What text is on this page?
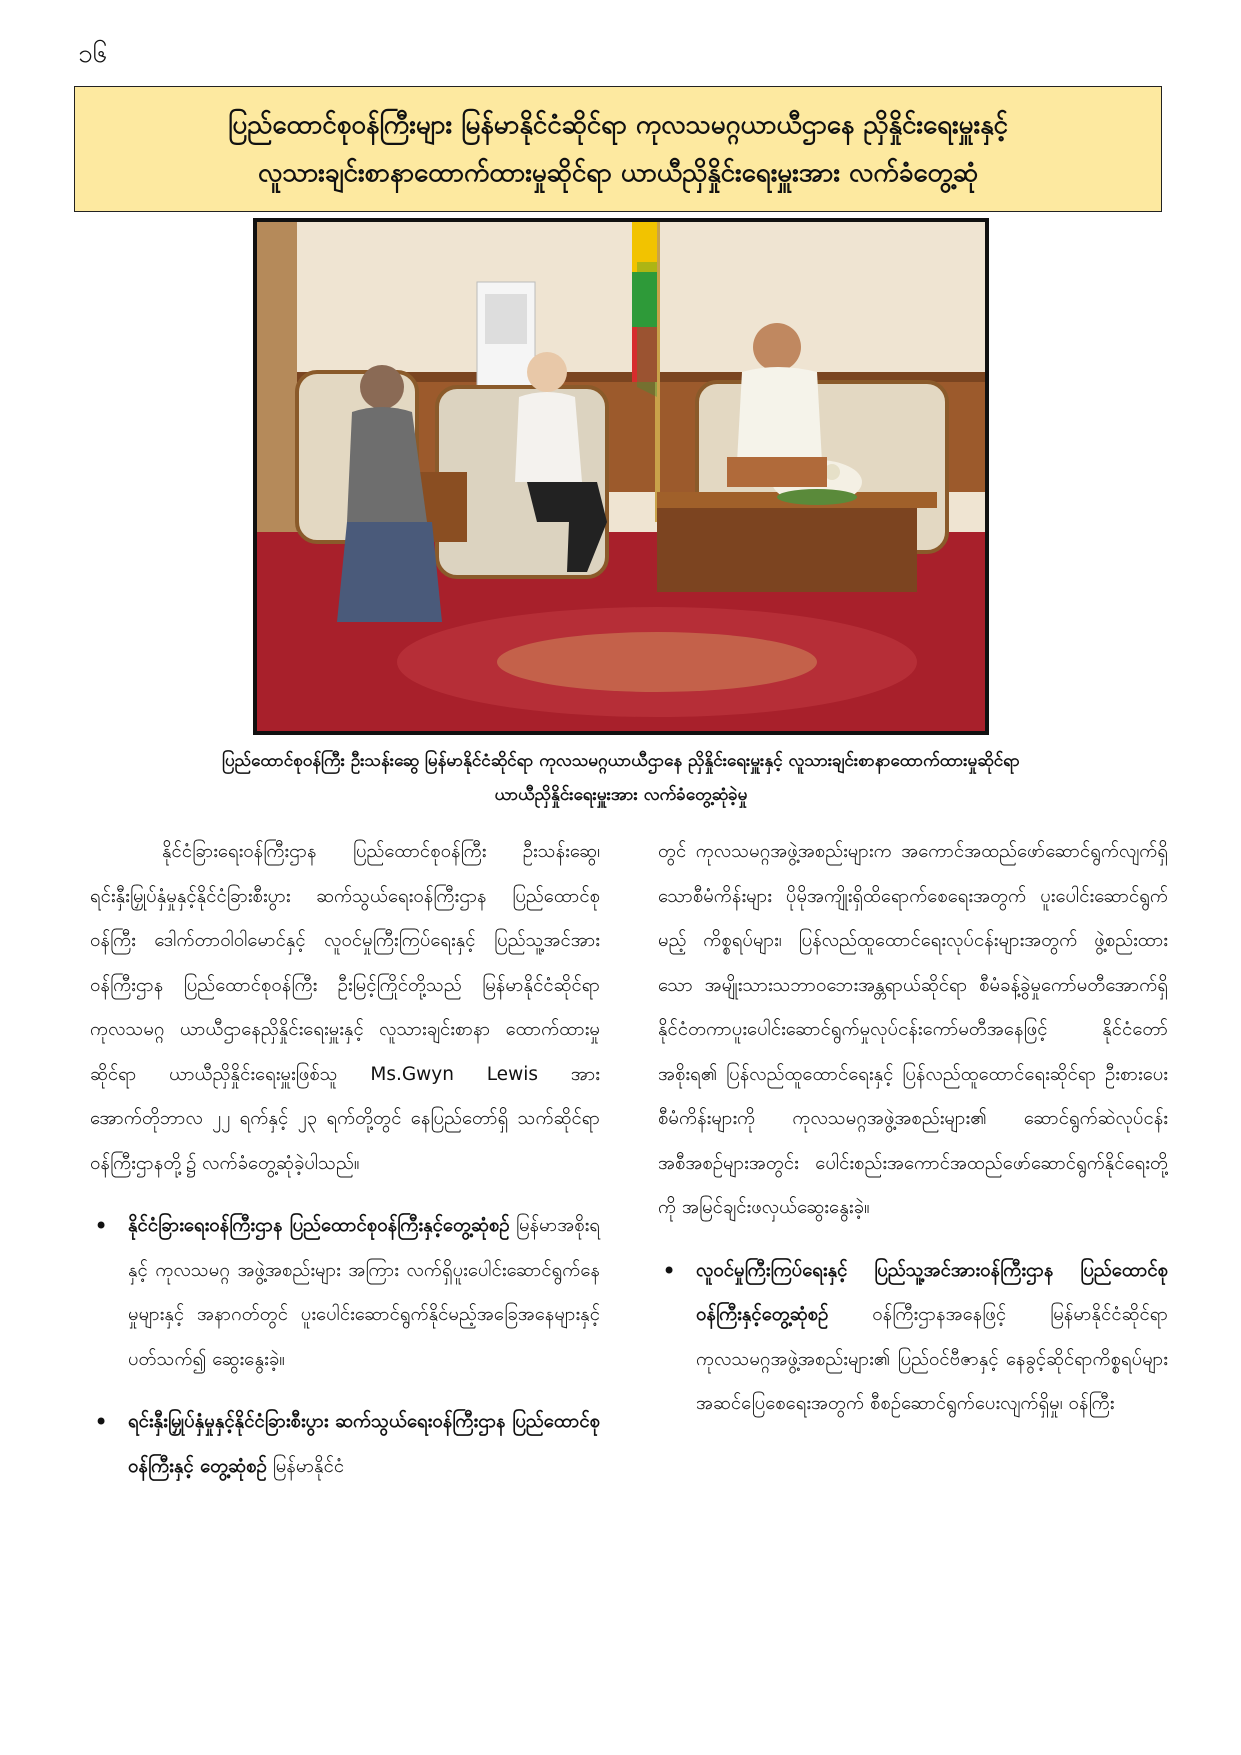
၁၆
ပြည်ထောင်စုဝန်ကြီးများ မြန်မာနိုင်ငံဆိုင်ရာ ကုလသမဂ္ဂယာယီဌာနေ ညှိနှိုင်းရေးမှူးနှင့်
လူသားချင်းစာနာထောက်ထားမှုဆိုင်ရာ ယာယီညှိနှိုင်းရေးမှူးအား လက်ခံတွေ့ဆုံ
ပြည်ထောင်စုဝန်ကြီး ဦးသန်းဆွေ မြန်မာနိုင်ငံဆိုင်ရာ ကုလသမဂ္ဂယာယီဌာနေ ညှိနှိုင်းရေးမှူးနှင့် လူသားချင်းစာနာထောက်ထားမှုဆိုင်ရာ
ယာယီညှိနှိုင်းရေးမှူးအား လက်ခံတွေ့ဆုံခဲ့မှု

နိုင်ငံခြားရေးဝန်ကြီးဌာန ပြည်ထောင်စုဝန်ကြီး ဦးသန်းဆွေ၊ ရင်းနှီးမြှုပ်နှံမှုနှင့်နိုင်ငံခြားစီးပွား ဆက်သွယ်ရေးဝန်ကြီးဌာန ပြည်ထောင်စုဝန်ကြီး ဒေါက်တာဝါဝါမောင်နှင့် လူဝင်မှုကြီးကြပ်ရေးနှင့် ပြည်သူ့အင်အားဝန်ကြီးဌာန ပြည်ထောင်စုဝန်ကြီး ဦးမြင့်ကြိုင်တို့သည် မြန်မာနိုင်ငံဆိုင်ရာ ကုလသမဂ္ဂ ယာယီဌာနေညှိနှိုင်းရေးမှူးနှင့် လူသားချင်းစာနာ ထောက်ထားမှုဆိုင်ရာ ယာယီညှိနှိုင်းရေးမှူးဖြစ်သူ Ms.Gwyn Lewis အား အောက်တိုဘာလ ၂၂ ရက်နှင့် ၂၃ ရက်တို့တွင် နေပြည်တော်ရှိ သက်ဆိုင်ရာဝန်ကြီးဌာနတို့၌ လက်ခံတွေ့ဆုံခဲ့ပါသည်။

• နိုင်ငံခြားရေးဝန်ကြီးဌာန ပြည်ထောင်စုဝန်ကြီးနှင့်တွေ့ဆုံစဉ် မြန်မာအစိုးရနှင့် ကုလသမဂ္ဂ အဖွဲ့အစည်းများ အကြား လက်ရှိပူးပေါင်းဆောင်ရွက်နေမှုများနှင့် အနာဂတ်တွင် ပူးပေါင်းဆောင်ရွက်နိုင်မည့်အခြေအနေများနှင့် ပတ်သက်၍ ဆွေးနွေးခဲ့။

• ရင်းနှီးမြှုပ်နှံမှုနှင့်နိုင်ငံခြားစီးပွား ဆက်သွယ်ရေးဝန်ကြီးဌာန ပြည်ထောင်စုဝန်ကြီးနှင့် တွေ့ဆုံစဉ် မြန်မာနိုင်ငံ

တွင် ကုလသမဂ္ဂအဖွဲ့အစည်းများက အကောင်အထည်ဖော်ဆောင်ရွက်လျက်ရှိသောစီမံကိန်းများ ပိုမိုအကျိုးရှိထိရောက်စေရေးအတွက် ပူးပေါင်းဆောင်ရွက်မည့် ကိစ္စရပ်များ၊ ပြန်လည်ထူထောင်ရေးလုပ်ငန်းများအတွက် ဖွဲ့စည်းထားသော အမျိုးသားသဘာဝဘေးအန္တရာယ်ဆိုင်ရာ စီမံခန့်ခွဲမှုကော်မတီအောက်ရှိ နိုင်ငံတကာပူးပေါင်းဆောင်ရွက်မှုလုပ်ငန်းကော်မတီအနေဖြင့် နိုင်ငံတော်အစိုးရ၏ ပြန်လည်ထူထောင်ရေးနှင့် ပြန်လည်ထူထောင်ရေးဆိုင်ရာ ဦးစားပေးစီမံကိန်းများကို ကုလသမဂ္ဂအဖွဲ့အစည်းများ၏ ဆောင်ရွက်ဆဲလုပ်ငန်းအစီအစဉ်များအတွင်း ပေါင်းစည်းအကောင်အထည်ဖော်ဆောင်ရွက်နိုင်ရေးတို့ကို အမြင်ချင်းဖလှယ်ဆွေးနွေးခဲ့။

• လူဝင်မှုကြီးကြပ်ရေးနှင့် ပြည်သူ့အင်အားဝန်ကြီးဌာန ပြည်ထောင်စုဝန်ကြီးနှင့်တွေ့ဆုံစဉ် ဝန်ကြီးဌာနအနေဖြင့် မြန်မာနိုင်ငံဆိုင်ရာ ကုလသမဂ္ဂအဖွဲ့အစည်းများ၏ ပြည်ဝင်ဗီဇာနှင့် နေခွင့်ဆိုင်ရာကိစ္စရပ်များ အဆင်ပြေစေရေးအတွက် စီစဉ်ဆောင်ရွက်ပေးလျက်ရှိမှု၊ ဝန်ကြီး
